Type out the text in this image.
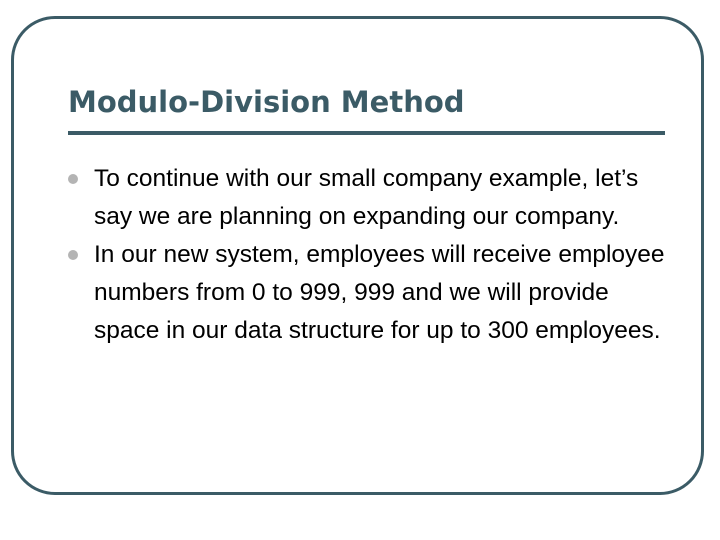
Modulo-Division Method
To continue with our small company example, let’s say we are planning on expanding our company.
In our new system, employees will receive employee numbers from 0 to 999, 999 and we will provide space in our data structure for up to 300 employees.
